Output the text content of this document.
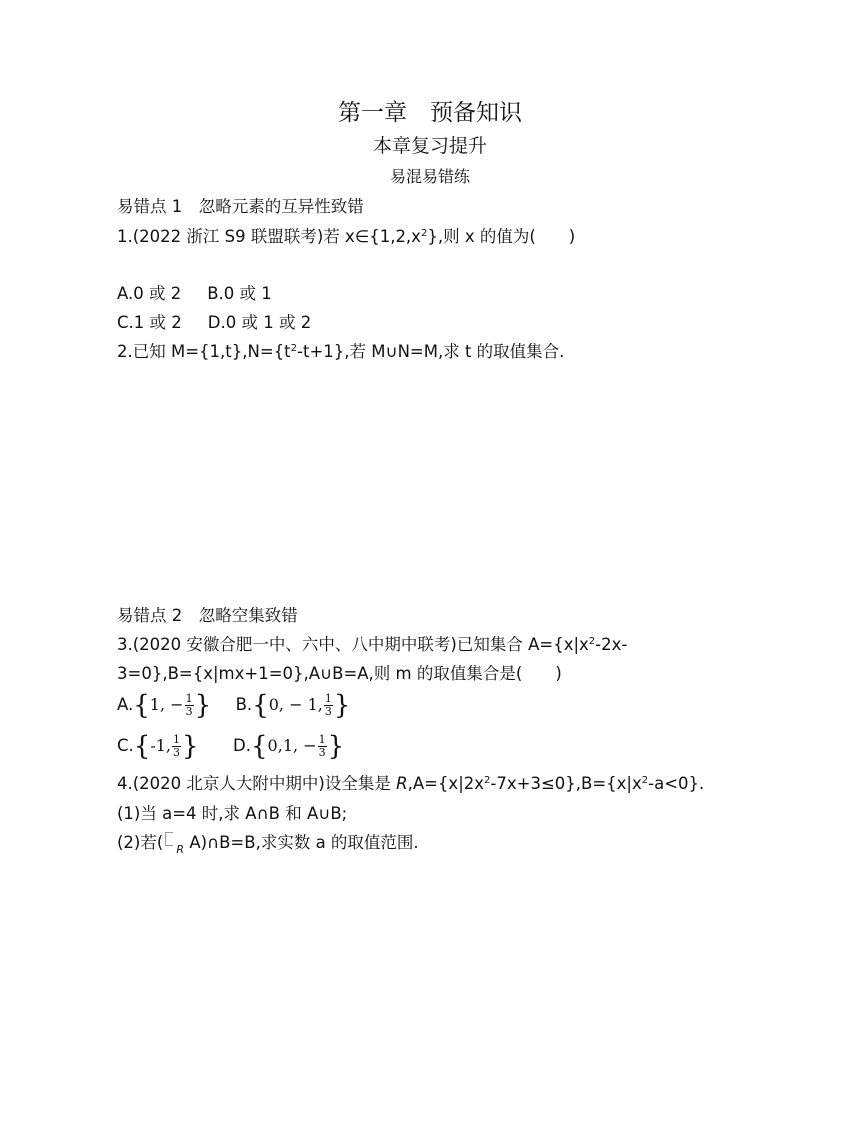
第一章　预备知识
本章复习提升
易混易错练
易错点 1　忽略元素的互异性致错
1.(2022 浙江 S9 联盟联考)若 $x\in\{1,2,x^2\}$,则 x 的值为(　　 )
A.0 或 2 B.0 或 1
C.1 或 2 D.0 或 1 或 2
2.已知 $M=\{1,t\},N=\{t^2-t+1\}$,若 M∪N=M,求 t 的取值集合.
易错点 2　忽略空集致错
3.(2020 安徽合肥一中、六中、八中期中联考)已知集合 $A=\{x|x^2-2x-$
3=0},B={x|mx+1=0},A∪B=A,则 m 的取值集合是(　　 )
A.{1, − $\frac{1}{3}$ } B.{0, − 1, $\frac{1}{3}$ }
C.{-1, $\frac{1}{3}$ } D.{0,1, − $\frac{1}{3}$ }
4.(2020 北京人大附中期中)设全集是 $R,A=\{x|2x^2-7x+3\le 0\},B=\{x|x^2-a<0\}$.
(1)当 a=4 时,求 A∩B 和 A∪B;
(2)若( R A)∩B=B,求实数 a 的取值范围.
